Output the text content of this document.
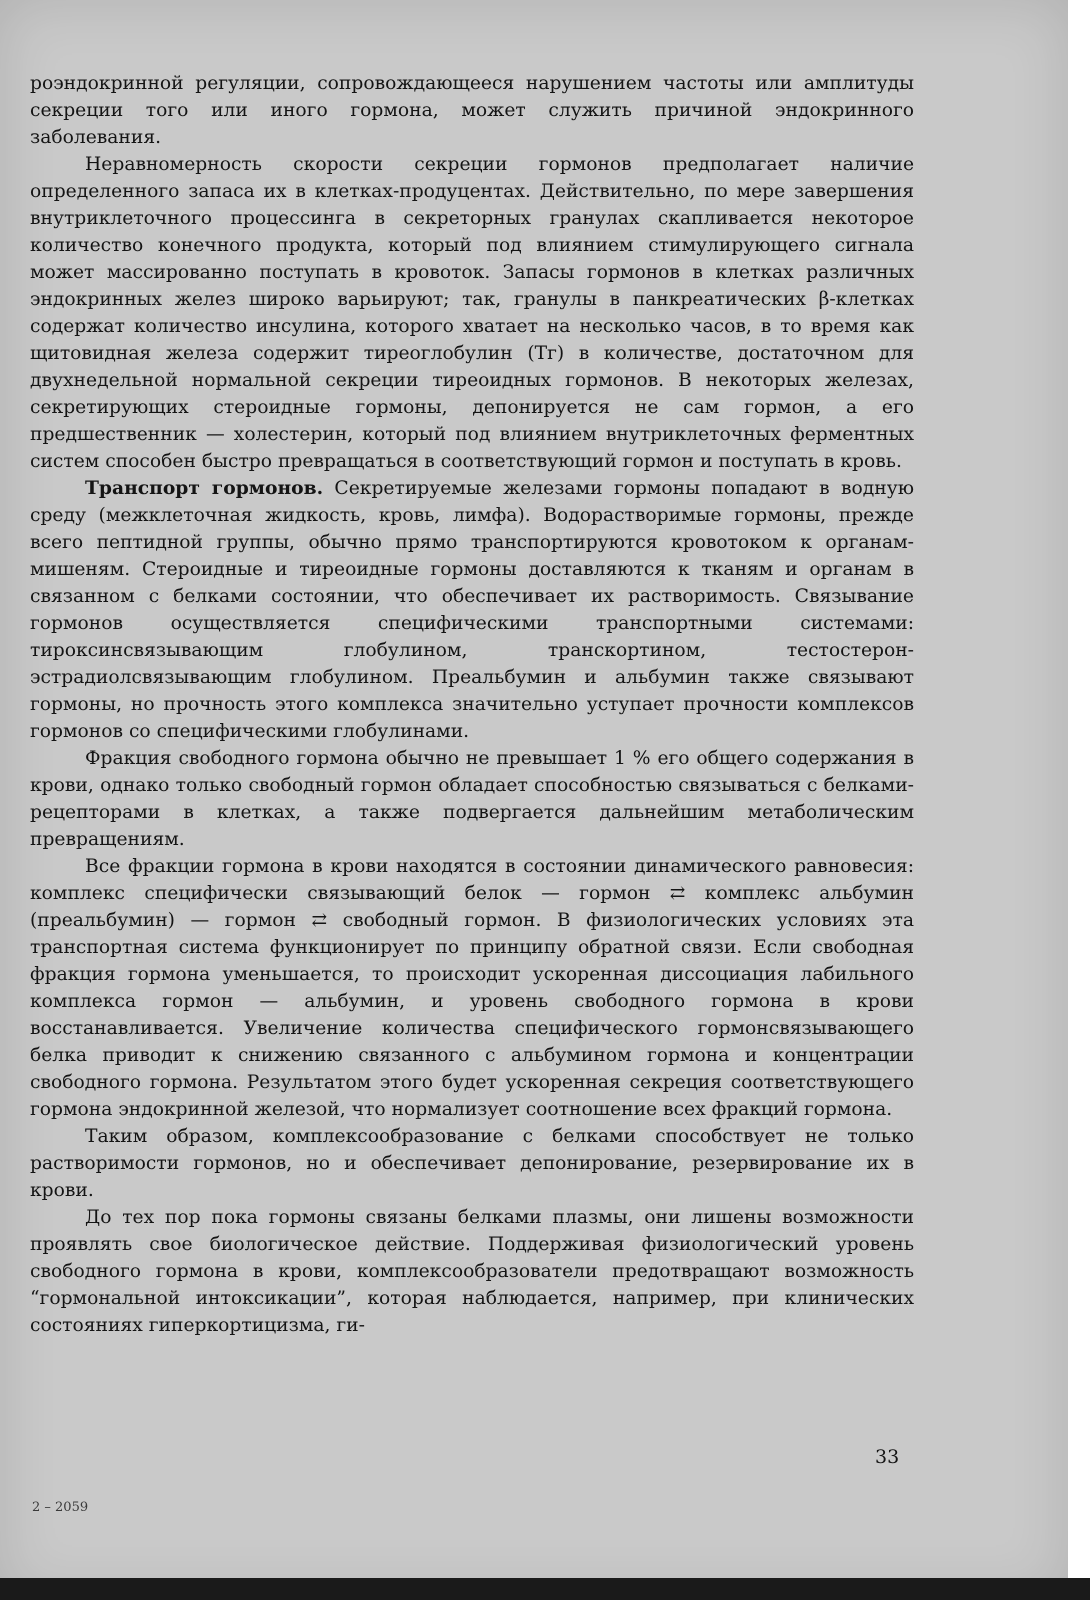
роэндокринной регуляции, сопровождающееся нарушением частоты или амплитуды секреции того или иного гормона, может служить причиной эндокринного заболевания.

Неравномерность скорости секреции гормонов предполагает наличие определенного запаса их в клетках-продуцентах. Действительно, по мере завершения внутриклеточного процессинга в секреторных гранулах скапливается некоторое количество конечного продукта, который под влиянием стимулирующего сигнала может массированно поступать в кровоток. Запасы гормонов в клетках различных эндокринных желез широко варьируют; так, гранулы в панкреатических β-клетках содержат количество инсулина, которого хватает на несколько часов, в то время как щитовидная железа содержит тиреоглобулин (Тг) в количестве, достаточном для двухнедельной нормальной секреции тиреоидных гормонов. В некоторых железах, секретирующих стероидные гормоны, депонируется не сам гормон, а его предшественник — холестерин, который под влиянием внутриклеточных ферментных систем способен быстро превращаться в соответствующий гормон и поступать в кровь.

Транспорт гормонов. Секретируемые железами гормоны попадают в водную среду (межклеточная жидкость, кровь, лимфа). Водорастворимые гормоны, прежде всего пептидной группы, обычно прямо транспортируются кровотоком к органам-мишеням. Стероидные и тиреоидные гормоны доставляются к тканям и органам в связанном с белками состоянии, что обеспечивает их растворимость. Связывание гормонов осуществляется специфическими транспортными системами: тироксинсвязывающим глобулином, транскортином, тестостерон-эстрадиолсвязывающим глобулином. Преальбумин и альбумин также связывают гормоны, но прочность этого комплекса значительно уступает прочности комплексов гормонов со специфическими глобулинами.

Фракция свободного гормона обычно не превышает 1 % его общего содержания в крови, однако только свободный гормон обладает способностью связываться с белками-рецепторами в клетках, а также подвергается дальнейшим метаболическим превращениям.

Все фракции гормона в крови находятся в состоянии динамического равновесия: комплекс специфически связывающий белок — гормон ⇄ комплекс альбумин (преальбумин) — гормон ⇄ свободный гормон. В физиологических условиях эта транспортная система функционирует по принципу обратной связи. Если свободная фракция гормона уменьшается, то происходит ускоренная диссоциация лабильного комплекса гормон — альбумин, и уровень свободного гормона в крови восстанавливается. Увеличение количества специфического гормонсвязывающего белка приводит к снижению связанного с альбумином гормона и концентрации свободного гормона. Результатом этого будет ускоренная секреция соответствующего гормона эндокринной железой, что нормализует соотношение всех фракций гормона.

Таким образом, комплексообразование с белками способствует не только растворимости гормонов, но и обеспечивает депонирование, резервирование их в крови.

До тех пор пока гормоны связаны белками плазмы, они лишены возможности проявлять свое биологическое действие. Поддерживая физиологический уровень свободного гормона в крови, комплексообразователи предотвращают возможность “гормональной интоксикации”, которая наблюдается, например, при клинических состояниях гиперкортицизма, ги-

33
2 – 2059
